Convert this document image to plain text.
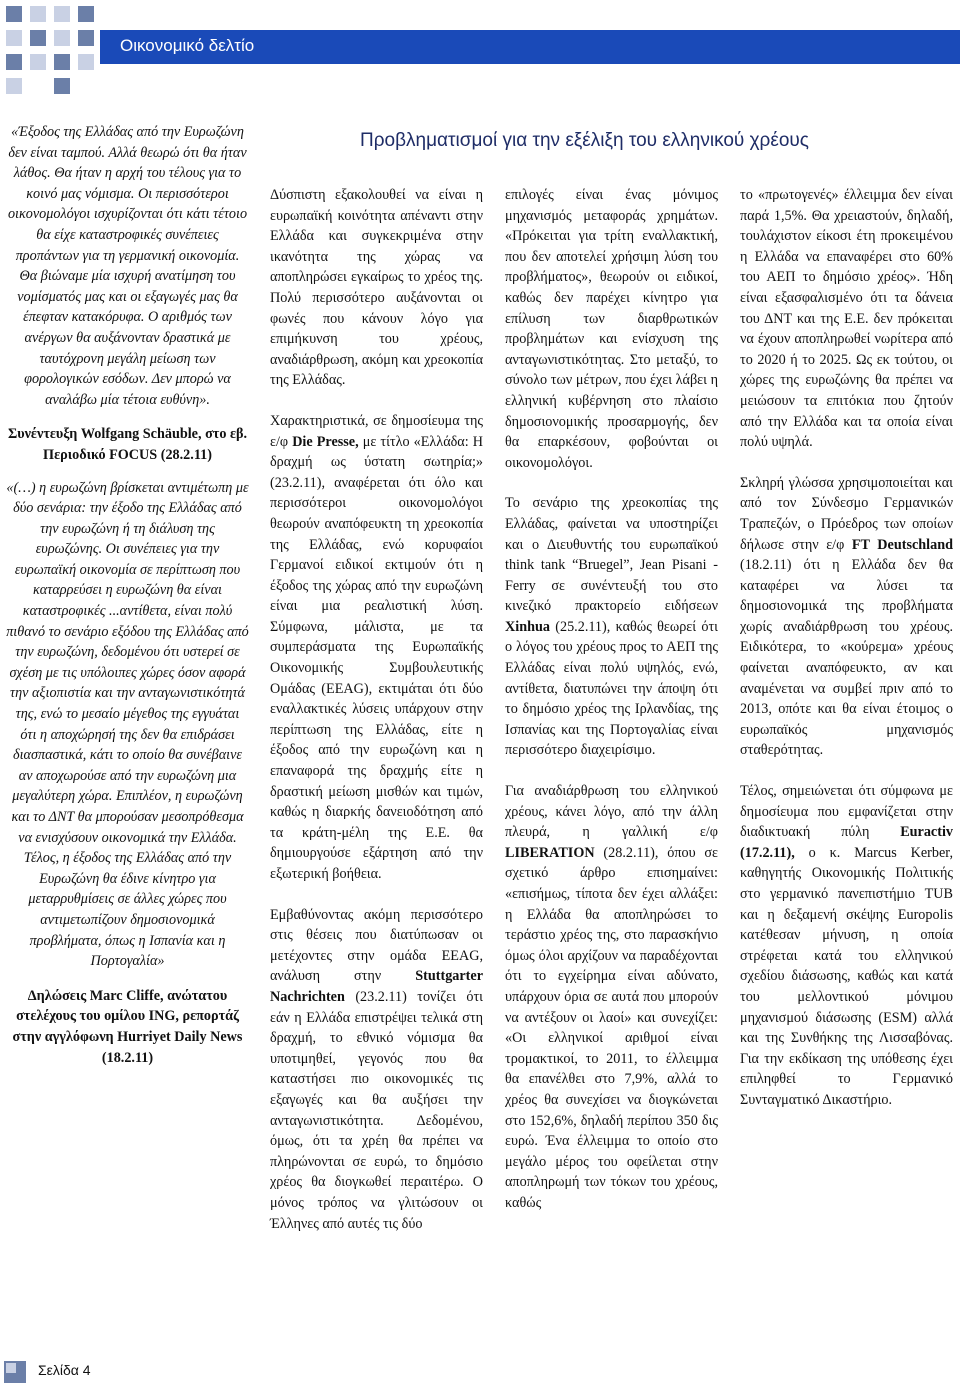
Οικονομικό δελτίο

«Έξοδος της Ελλάδας από την Ευρωζώνη δεν είναι ταμπού. Αλλά θεωρώ ότι θα ήταν λάθος. Θα ήταν η αρχή του τέλους για το κοινό μας νόμισμα. Οι περισσότεροι οικονομολόγοι ισχυρίζονται ότι κάτι τέτοιο θα είχε καταστροφικές συνέπειες προπάντων για τη γερμανική οικονομία. Θα βιώναμε μία ισχυρή ανατίμηση του νομίσματός μας και οι εξαγωγές μας θα έπεφταν κατακόρυφα. Ο αριθμός των ανέργων θα αυξάνονταν δραστικά με ταυτόχρονη μεγάλη μείωση των φορολογικών εσόδων. Δεν μπορώ να αναλάβω μία τέτοια ευθύνη».

Συνέντευξη Wolfgang Schäuble, στο εβ. Περιοδικό FOCUS (28.2.11)

«(…) η ευρωζώνη βρίσκεται αντιμέτωπη με δύο σενάρια: την έξοδο της Ελλάδας από την ευρωζώνη ή τη διάλυση της ευρωζώνης. Οι συνέπειες για την ευρωπαϊκή οικονομία σε περίπτωση που καταρρεύσει η ευρωζώνη θα είναι καταστροφικές ...αντίθετα, είναι πολύ πιθανό το σενάριο εξόδου της Ελλάδας από την ευρωζώνη, δεδομένου ότι υστερεί σε σχέση με τις υπόλοιπες χώρες όσον αφορά την αξιοπιστία και την ανταγωνιστικότητά της, ενώ το μεσαίο μέγεθος της εγγυάται ότι η αποχώρησή της δεν θα επιδράσει διασπαστικά, κάτι το οποίο θα συνέβαινε αν αποχωρούσε από την ευρωζώνη μια μεγαλύτερη χώρα. Επιπλέον, η ευρωζώνη και το ΔΝΤ θα μπορούσαν μεσοπρόθεσμα να ενισχύσουν οικονομικά την Ελλάδα. Τέλος, η έξοδος της Ελλάδας από την Ευρωζώνη θα έδινε κίνητρο για μεταρρυθμίσεις σε άλλες χώρες που αντιμετωπίζουν δημοσιονομικά προβλήματα, όπως η Ισπανία και η Πορτογαλία»

Δηλώσεις Marc Cliffe, ανώτατου στελέχους του ομίλου ING, ρεπορτάζ στην αγγλόφωνη Hurriyet Daily News (18.2.11)

Προβληματισμοί για την εξέλιξη του ελληνικού χρέους

Δύσπιστη εξακολουθεί να είναι η ευρωπαϊκή κοινότητα απέναντι στην Ελλάδα και συγκεκριμένα στην ικανότητα της χώρας να αποπληρώσει εγκαίρως το χρέος της. Πολύ περισσότερο αυξάνονται οι φωνές που κάνουν λόγο για επιμήκυνση του χρέους, αναδιάρθρωση, ακόμη και χρεοκοπία της Ελλάδας.

Χαρακτηριστικά, σε δημοσίευμα της ε/φ Die Presse, με τίτλο «Ελλάδα: Η δραχμή ως ύστατη σωτηρία;» (23.2.11), αναφέρεται ότι όλο και περισσότεροι οικονομολόγοι θεωρούν αναπόφευκτη τη χρεοκοπία της Ελλάδας, ενώ κορυφαίοι Γερμανοί ειδικοί εκτιμούν ότι η έξοδος της χώρας από την ευρωζώνη είναι μια ρεαλιστική λύση. Σύμφωνα, μάλιστα, με τα συμπεράσματα της Ευρωπαϊκής Οικονομικής Συμβουλευτικής Ομάδας (EEAG), εκτιμάται ότι δύο εναλλακτικές λύσεις υπάρχουν στην περίπτωση της Ελλάδας, είτε η έξοδος από την ευρωζώνη και η επαναφορά της δραχμής είτε η δραστική μείωση μισθών και τιμών, καθώς η διαρκής δανειοδότηση από τα κράτη-μέλη της Ε.Ε. θα δημιουργούσε εξάρτηση από την εξωτερική βοήθεια.

Εμβαθύνοντας ακόμη περισσότερο στις θέσεις που διατύπωσαν οι μετέχοντες στην ομάδα EEAG, ανάλυση στην Stuttgarter Nachrichten (23.2.11) τονίζει ότι εάν η Ελλάδα επιστρέψει τελικά στη δραχμή, το εθνικό νόμισμα θα υποτιμηθεί, γεγονός που θα καταστήσει πιο οικονομικές τις εξαγωγές και θα αυξήσει την ανταγωνιστικότητα. Δεδομένου, όμως, ότι τα χρέη θα πρέπει να πληρώνονται σε ευρώ, το δημόσιο χρέος θα διογκωθεί περαιτέρω. Ο μόνος τρόπος να γλιτώσουν οι Έλληνες από αυτές τις δύο

επιλογές είναι ένας μόνιμος μηχανισμός μεταφοράς χρημάτων. «Πρόκειται για τρίτη εναλλακτική, που δεν αποτελεί χρήσιμη λύση του προβλήματος», θεωρούν οι ειδικοί, καθώς δεν παρέχει κίνητρο για επίλυση των διαρθρωτικών προβλημάτων και ενίσχυση της ανταγωνιστικότητας. Στο μεταξύ, το σύνολο των μέτρων, που έχει λάβει η ελληνική κυβέρνηση στο πλαίσιο δημοσιονομικής προσαρμογής, δεν θα επαρκέσουν, φοβούνται οι οικονομολόγοι.

Το σενάριο της χρεοκοπίας της Ελλάδας, φαίνεται να υποστηρίζει και ο Διευθυντής του ευρωπαϊκού think tank “Bruegel”, Jean Pisani - Ferry σε συνέντευξή του στο κινεζικό πρακτορείο ειδήσεων Xinhua (25.2.11), καθώς θεωρεί ότι ο λόγος του χρέους προς το ΑΕΠ της Ελλάδας είναι πολύ υψηλός, ενώ, αντίθετα, διατυπώνει την άποψη ότι το δημόσιο χρέος της Ιρλανδίας, της Ισπανίας και της Πορτογαλίας είναι περισσότερο διαχειρίσιμο.

Για αναδιάρθρωση του ελληνικού χρέους, κάνει λόγο, από την άλλη πλευρά, η γαλλική ε/φ LIBERATION (28.2.11), όπου σε σχετικό άρθρο επισημαίνει: «επισήμως, τίποτα δεν έχει αλλάξει: η Ελλάδα θα αποπληρώσει το τεράστιο χρέος της, στο παρασκήνιο όμως όλοι αρχίζουν να παραδέχονται ότι το εγχείρημα είναι αδύνατο, υπάρχουν όρια σε αυτά που μπορούν να αντέξουν οι λαοί» και συνεχίζει: «Οι ελληνικοί αριθμοί είναι τρομακτικοί, το 2011, το έλλειμμα θα επανέλθει στο 7,9%, αλλά το χρέος θα συνεχίσει να διογκώνεται στο 152,6%, δηλαδή περίπου 350 δις ευρώ. Ένα έλλειμμα το οποίο στο μεγάλο μέρος του οφείλεται στην αποπληρωμή των τόκων του χρέους, καθώς

το «πρωτογενές» έλλειμμα δεν είναι παρά 1,5%. Θα χρειαστούν, δηλαδή, τουλάχιστον είκοσι έτη προκειμένου η Ελλάδα να επαναφέρει στο 60% του ΑΕΠ το δημόσιο χρέος». Ήδη είναι εξασφαλισμένο ότι τα δάνεια του ΔΝΤ και της Ε.Ε. δεν πρόκειται να έχουν αποπληρωθεί νωρίτερα από το 2020 ή το 2025. Ως εκ τούτου, οι χώρες της ευρωζώνης θα πρέπει να μειώσουν τα επιτόκια που ζητούν από την Ελλάδα και τα οποία είναι πολύ υψηλά.

Σκληρή γλώσσα χρησιμοποιείται και από τον Σύνδεσμο Γερμανικών Τραπεζών, ο Πρόεδρος των οποίων δήλωσε στην ε/φ FT Deutschland (18.2.11) ότι η Ελλάδα δεν θα καταφέρει να λύσει τα δημοσιονομικά της προβλήματα χωρίς αναδιάρθρωση του χρέους. Ειδικότερα, το «κούρεμα» χρέους φαίνεται αναπόφευκτο, αν και αναμένεται να συμβεί πριν από το 2013, οπότε και θα είναι έτοιμος ο ευρωπαϊκός μηχανισμός σταθερότητας.

Τέλος, σημειώνεται ότι σύμφωνα με δημοσίευμα που εμφανίζεται στην διαδικτυακή πύλη Euractiv (17.2.11), ο κ. Marcus Kerber, καθηγητής Οικονομικής Πολιτικής στο γερμανικό πανεπιστήμιο TUB και η δεξαμενή σκέψης Europolis κατέθεσαν μήνυση, η οποία στρέφεται κατά του ελληνικού σχεδίου διάσωσης, καθώς και κατά του μελλοντικού μόνιμου μηχανισμού διάσωσης (ESM) αλλά και της Συνθήκης της Λισσαβόνας. Για την εκδίκαση της υπόθεσης έχει επιληφθεί το Γερμανικό Συνταγματικό Δικαστήριο.

Σελίδα 4
